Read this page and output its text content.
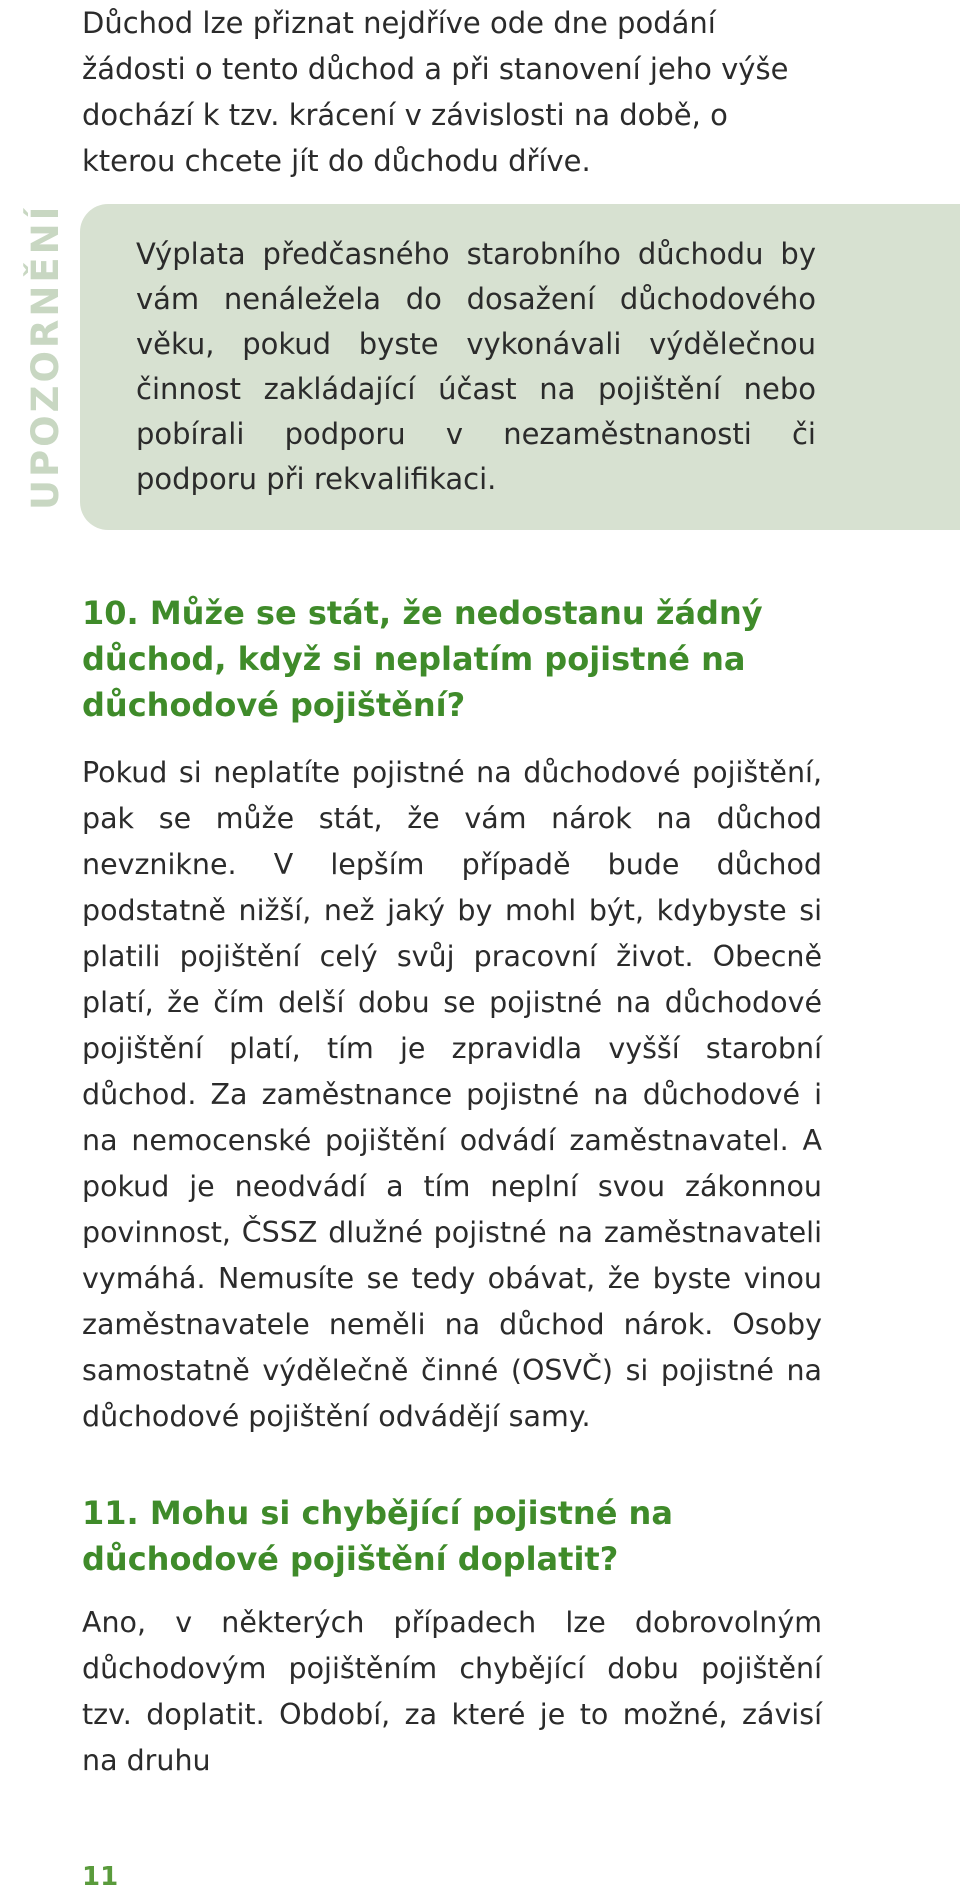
Důchod lze přiznat nejdříve ode dne podání žádosti o tento důchod a při stanovení jeho výše dochází k tzv. krácení v závislosti na době, o kterou chcete jít do důchodu dříve.

UPOZORNĚNÍ Výplata předčasného starobního důchodu by vám nenáležela do dosažení důchodového věku, pokud byste vykonávali výdělečnou činnost zakládající účast na pojištění nebo pobírali podporu v nezaměstnanosti či podporu při rekvalifikaci.

10. Může se stát, že nedostanu žádný důchod, když si neplatím pojistné na důchodové pojištění?

Pokud si neplatíte pojistné na důchodové pojištění, pak se může stát, že vám nárok na důchod nevznikne. V lepším případě bude důchod podstatně nižší, než jaký by mohl být, kdybyste si platili pojištění celý svůj pracovní život. Obecně platí, že čím delší dobu se pojistné na důchodové pojištění platí, tím je zpravidla vyšší starobní důchod. Za zaměstnance pojistné na důchodové i na nemocenské pojištění odvádí zaměstnavatel. A pokud je neodvádí a tím neplní svou zákonnou povinnost, ČSSZ dlužné pojistné na zaměstnavateli vymáhá. Nemusíte se tedy obávat, že byste vinou zaměstnavatele neměli na důchod nárok. Osoby samostatně výdělečně činné (OSVČ) si pojistné na důchodové pojištění odvádějí samy.

11. Mohu si chybějící pojistné na důchodové pojištění doplatit?

Ano, v některých případech lze dobrovolným důchodovým pojištěním chybějící dobu pojištění tzv. doplatit. Období, za které je to možné, závisí na druhu

11
